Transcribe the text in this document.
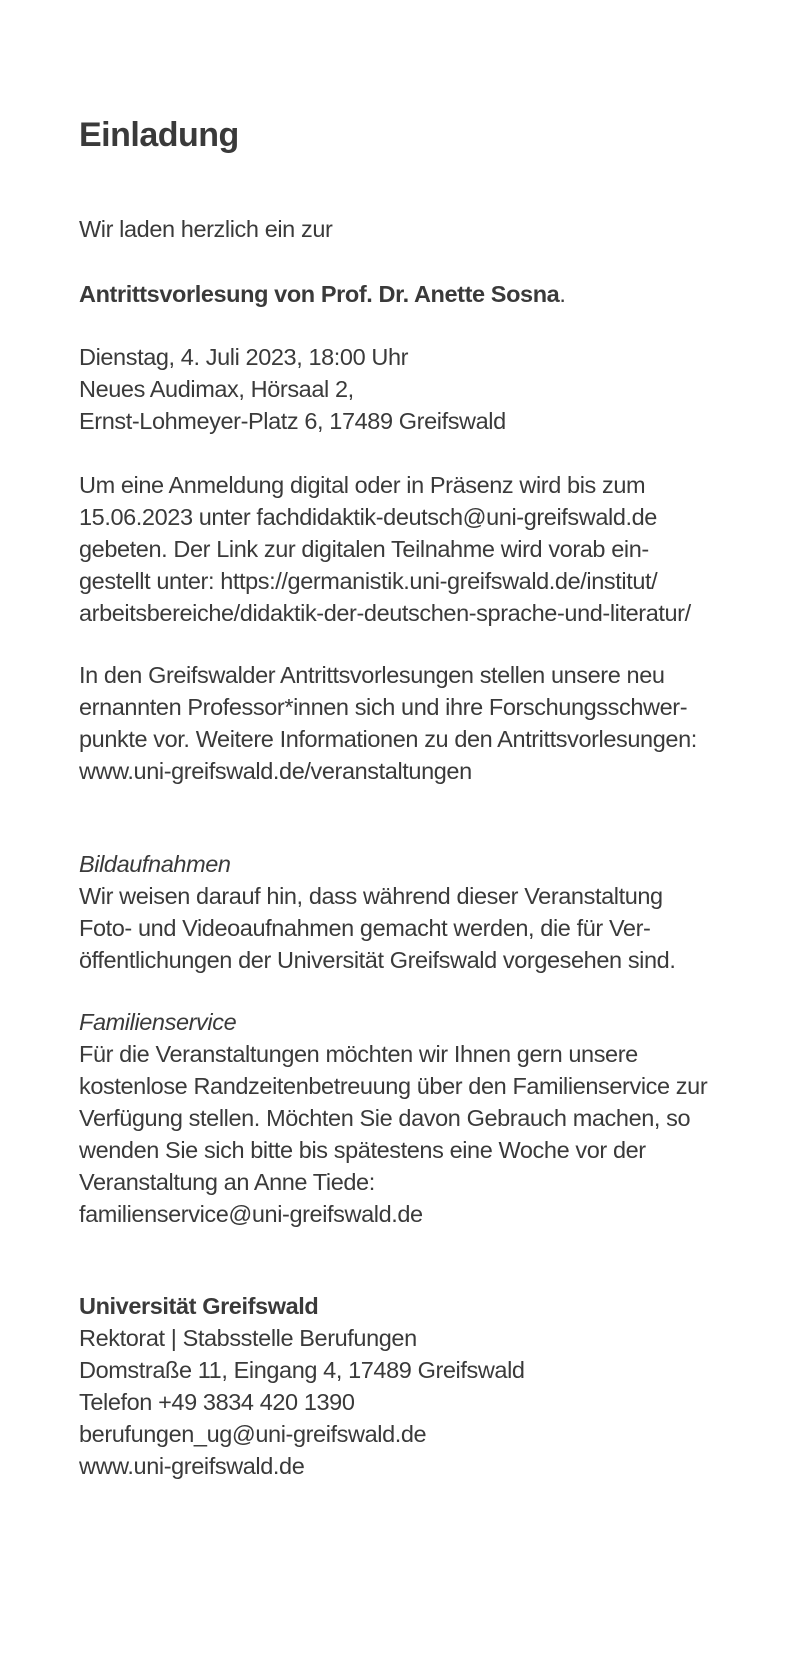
Einladung
Wir laden herzlich ein zur
Antrittsvorlesung von Prof. Dr. Anette Sosna.
Dienstag, 4. Juli 2023, 18:00 Uhr
Neues Audimax, Hörsaal 2,
Ernst-Lohmeyer-Platz 6, 17489 Greifswald
Um eine Anmeldung digital oder in Präsenz wird bis zum
15.06.2023 unter fachdidaktik-deutsch@uni-greifswald.de
gebeten. Der Link zur digitalen Teilnahme wird vorab ein-
gestellt unter: https://germanistik.uni-greifswald.de/institut/
arbeitsbereiche/didaktik-der-deutschen-sprache-und-literatur/
In den Greifswalder Antrittsvorlesungen stellen unsere neu
ernannten Professor*innen sich und ihre Forschungsschwer-
punkte vor. Weitere Informationen zu den Antrittsvorlesungen:
www.uni-greifswald.de/veranstaltungen
Bildaufnahmen
Wir weisen darauf hin, dass während dieser Veranstaltung
Foto- und Videoaufnahmen gemacht werden, die für Ver-
öffentlichungen der Universität Greifswald vorgesehen sind.
Familienservice
Für die Veranstaltungen möchten wir Ihnen gern unsere
kostenlose Randzeitenbetreuung über den Familienservice zur
Verfügung stellen. Möchten Sie davon Gebrauch machen, so
wenden Sie sich bitte bis spätestens eine Woche vor der
Veranstaltung an Anne Tiede:
familienservice@uni-greifswald.de
Universität Greifswald
Rektorat | Stabsstelle Berufungen
Domstraße 11, Eingang 4, 17489 Greifswald
Telefon +49 3834 420 1390
berufungen_ug@uni-greifswald.de
www.uni-greifswald.de
